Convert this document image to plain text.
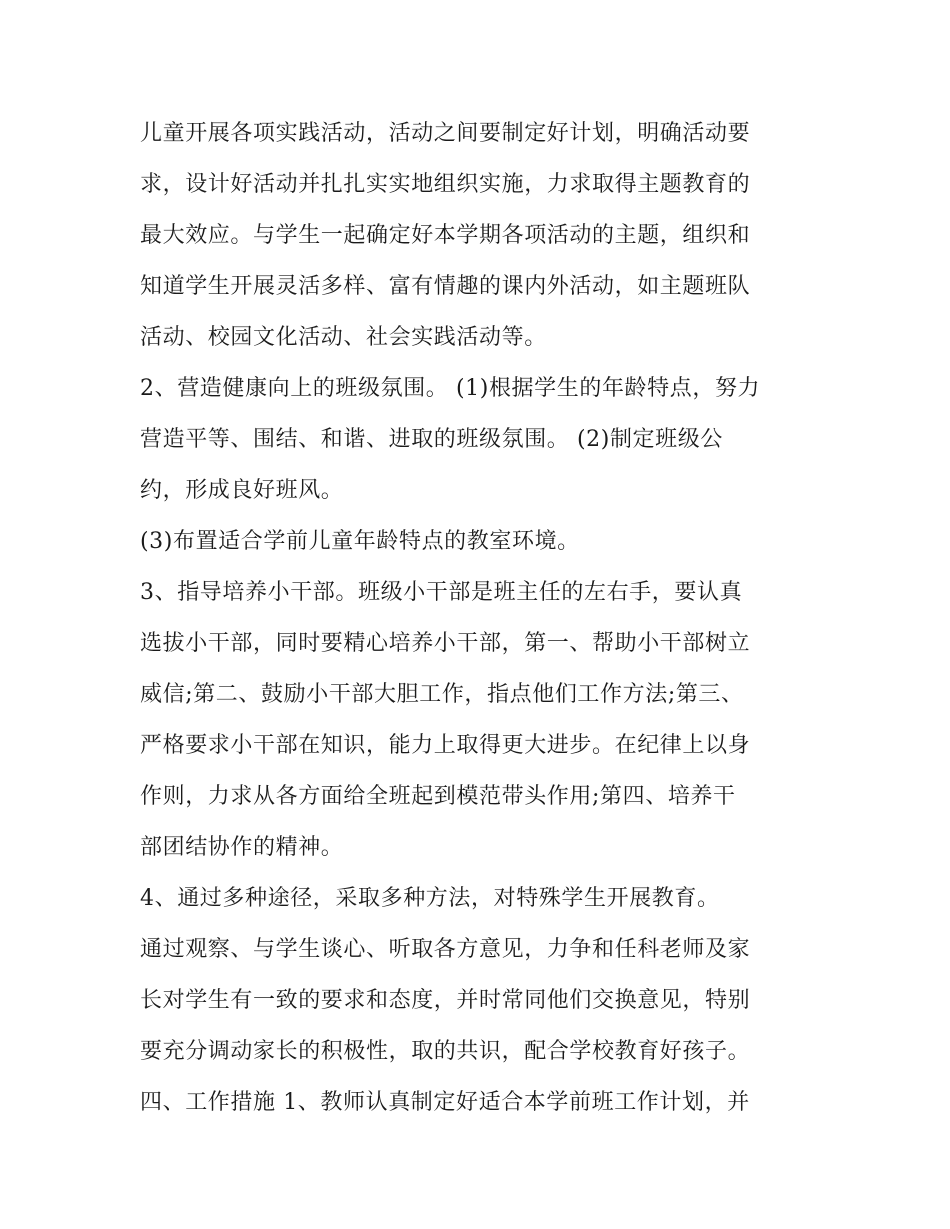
儿童开展各项实践活动，活动之间要制定好计划，明确活动要
求，设计好活动并扎扎实实地组织实施，力求取得主题教育的
最大效应。与学生一起确定好本学期各项活动的主题，组织和
知道学生开展灵活多样、富有情趣的课内外活动，如主题班队
活动、校园文化活动、社会实践活动等。
2、营造健康向上的班级氛围。 (1)根据学生的年龄特点，努力
营造平等、围结、和谐、进取的班级氛围。 (2)制定班级公
约，形成良好班风。
(3)布置适合学前儿童年龄特点的教室环境。
3、指导培养小干部。班级小干部是班主任的左右手，要认真
选拔小干部，同时要精心培养小干部，第一、帮助小干部树立
威信;第二、鼓励小干部大胆工作，指点他们工作方法;第三、
严格要求小干部在知识，能力上取得更大进步。在纪律上以身
作则，力求从各方面给全班起到模范带头作用;第四、培养干
部团结协作的精神。
4、通过多种途径，采取多种方法，对特殊学生开展教育。
通过观察、与学生谈心、听取各方意见，力争和任科老师及家
长对学生有一致的要求和态度，并时常同他们交换意见，特别
要充分调动家长的积极性，取的共识，配合学校教育好孩子。
四、工作措施 1、教师认真制定好适合本学前班工作计划，并
